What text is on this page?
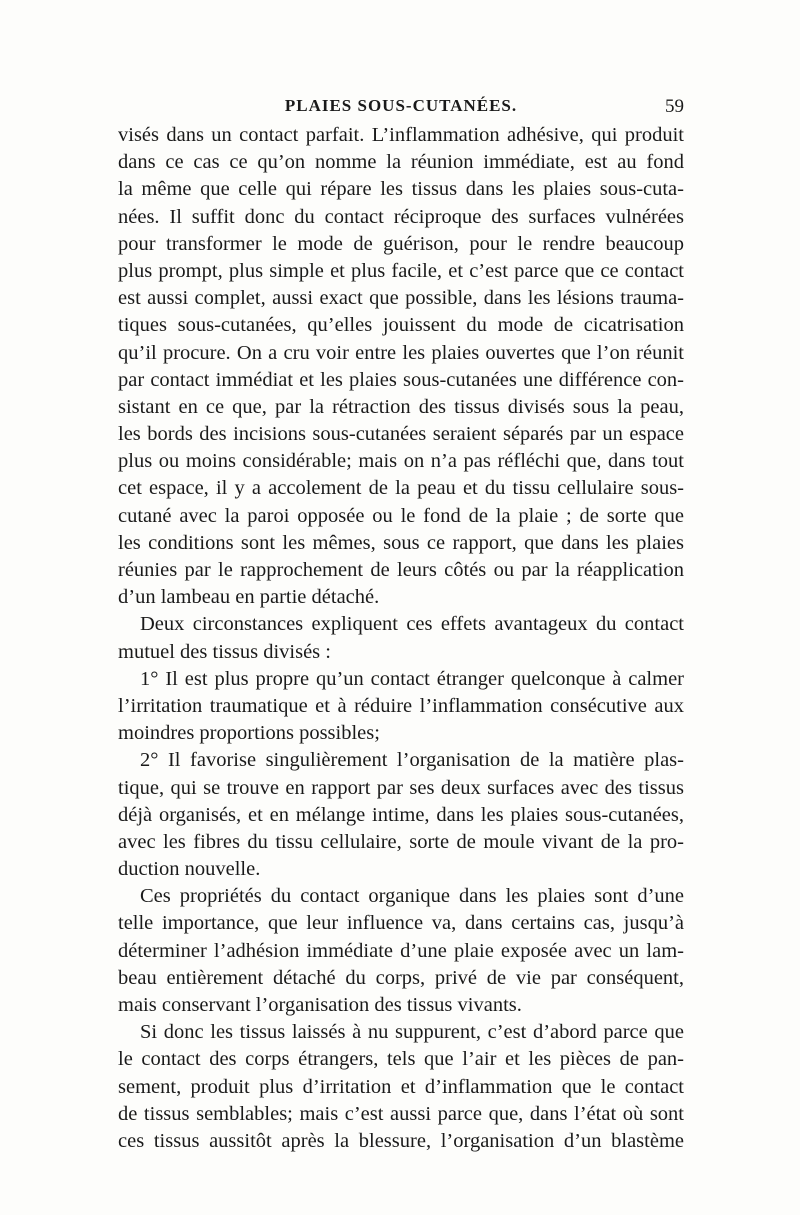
PLAIES SOUS-CUTANÉES.	59
visés dans un contact parfait. L’inflammation adhésive, qui produit
dans ce cas ce qu’on nomme la réunion immédiate, est au fond
la même que celle qui répare les tissus dans les plaies sous-cuta-
nées. Il suffit donc du contact réciproque des surfaces vulnérées
pour transformer le mode de guérison, pour le rendre beaucoup
plus prompt, plus simple et plus facile, et c’est parce que ce contact
est aussi complet, aussi exact que possible, dans les lésions trauma-
tiques sous-cutanées, qu’elles jouissent du mode de cicatrisation
qu’il procure. On a cru voir entre les plaies ouvertes que l’on réunit
par contact immédiat et les plaies sous-cutanées une différence con-
sistant en ce que, par la rétraction des tissus divisés sous la peau,
les bords des incisions sous-cutanées seraient séparés par un espace
plus ou moins considérable; mais on n’a pas réfléchi que, dans tout
cet espace, il y a accolement de la peau et du tissu cellulaire sous-
cutané avec la paroi opposée ou le fond de la plaie ; de sorte que
les conditions sont les mêmes, sous ce rapport, que dans les plaies
réunies par le rapprochement de leurs côtés ou par la réapplication
d’un lambeau en partie détaché.
Deux circonstances expliquent ces effets avantageux du contact
mutuel des tissus divisés :
1° Il est plus propre qu’un contact étranger quelconque à calmer
l’irritation traumatique et à réduire l’inflammation consécutive aux
moindres proportions possibles;
2° Il favorise singulièrement l’organisation de la matière plas-
tique, qui se trouve en rapport par ses deux surfaces avec des tissus
déjà organisés, et en mélange intime, dans les plaies sous-cutanées,
avec les fibres du tissu cellulaire, sorte de moule vivant de la pro-
duction nouvelle.
Ces propriétés du contact organique dans les plaies sont d’une
telle importance, que leur influence va, dans certains cas, jusqu’à
déterminer l’adhésion immédiate d’une plaie exposée avec un lam-
beau entièrement détaché du corps, privé de vie par conséquent,
mais conservant l’organisation des tissus vivants.
Si donc les tissus laissés à nu suppurent, c’est d’abord parce que
le contact des corps étrangers, tels que l’air et les pièces de pan-
sement, produit plus d’irritation et d’inflammation que le contact
de tissus semblables; mais c’est aussi parce que, dans l’état où sont
ces tissus aussitôt après la blessure, l’organisation d’un blastème
